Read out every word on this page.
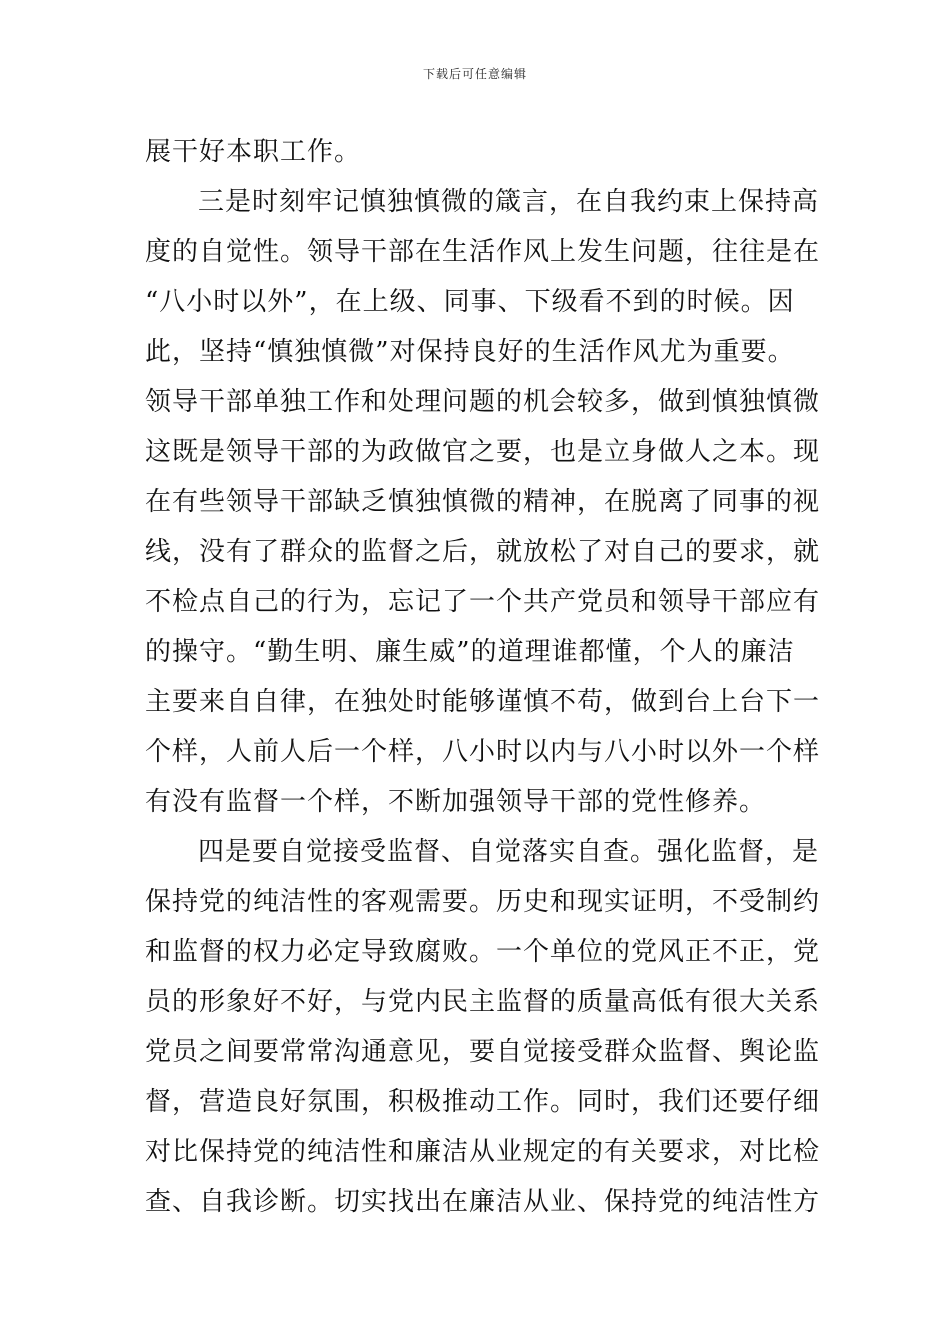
下载后可任意编辑
展干好本职工作。
三是时刻牢记慎独慎微的箴言，在自我约束上保持高
度的自觉性。领导干部在生活作风上发生问题，往往是在
“八小时以外”，在上级、同事、下级看不到的时候。因
此，坚持“慎独慎微”对保持良好的生活作风尤为重要。
领导干部单独工作和处理问题的机会较多，做到慎独慎微
这既是领导干部的为政做官之要，也是立身做人之本。现
在有些领导干部缺乏慎独慎微的精神，在脱离了同事的视
线，没有了群众的监督之后，就放松了对自己的要求，就
不检点自己的行为，忘记了一个共产党员和领导干部应有
的操守。“勤生明、廉生威”的道理谁都懂，个人的廉洁
主要来自自律，在独处时能够谨慎不苟，做到台上台下一
个样，人前人后一个样，八小时以内与八小时以外一个样
有没有监督一个样，不断加强领导干部的党性修养。
四是要自觉接受监督、自觉落实自查。强化监督，是
保持党的纯洁性的客观需要。历史和现实证明，不受制约
和监督的权力必定导致腐败。一个单位的党风正不正，党
员的形象好不好，与党内民主监督的质量高低有很大关系
党员之间要常常沟通意见，要自觉接受群众监督、舆论监
督，营造良好氛围，积极推动工作。同时，我们还要仔细
对比保持党的纯洁性和廉洁从业规定的有关要求，对比检
查、自我诊断。切实找出在廉洁从业、保持党的纯洁性方
